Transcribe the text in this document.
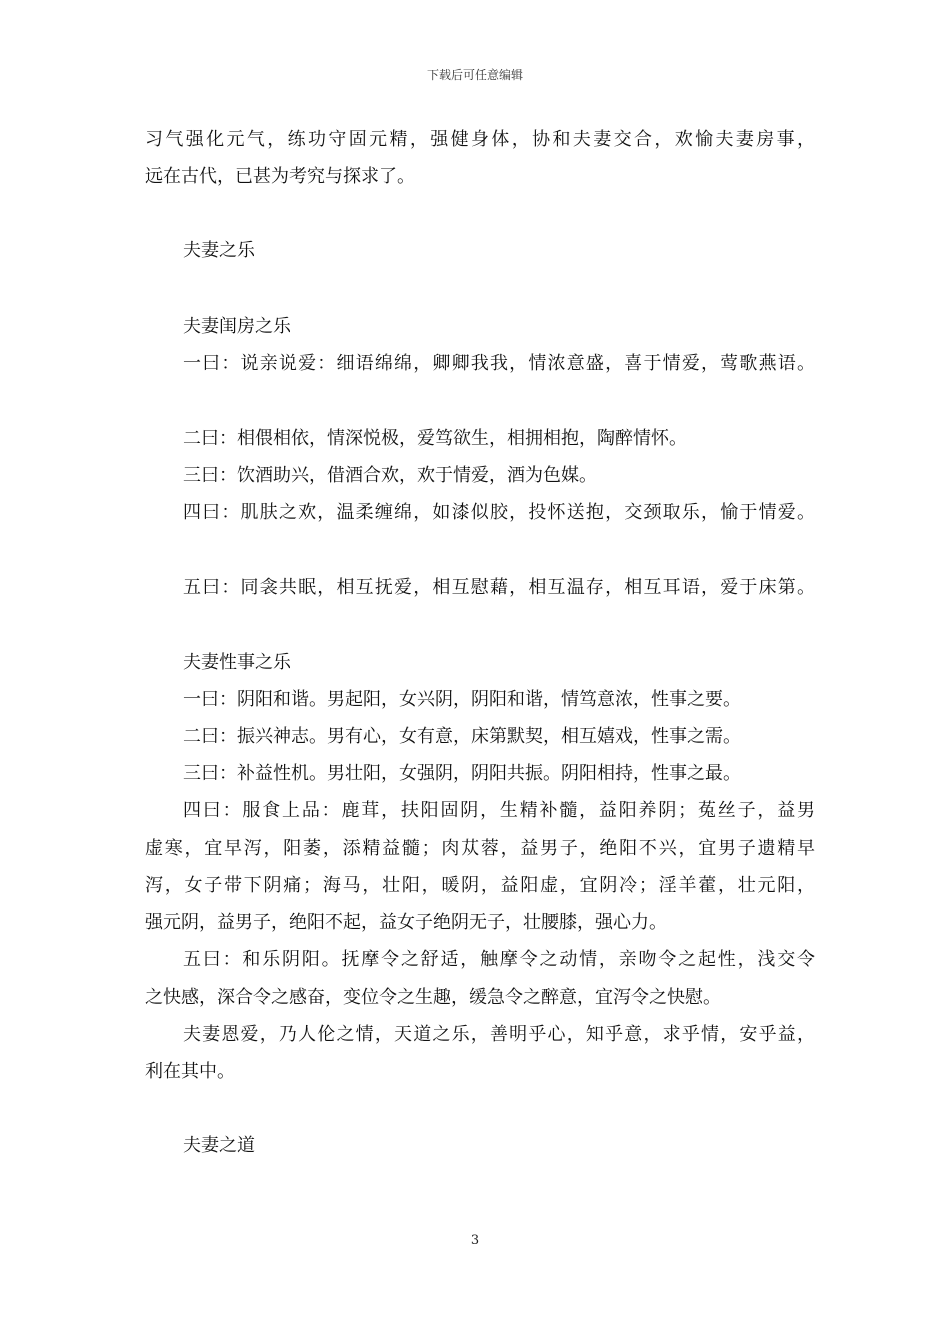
下载后可任意编辑
习气强化元气，练功守固元精，强健身体，协和夫妻交合，欢愉夫妻房事，
远在古代，已甚为考究与探求了。
夫妻之乐
夫妻闺房之乐
一曰：说亲说爱：细语绵绵，卿卿我我，情浓意盛，喜于情爱，莺歌燕语。
二曰：相偎相依，情深悦极，爱笃欲生，相拥相抱，陶醉情怀。
三曰：饮酒助兴，借酒合欢，欢于情爱，酒为色媒。
四曰：肌肤之欢，温柔缠绵，如漆似胶，投怀送抱，交颈取乐，愉于情爱。
五曰：同衾共眠，相互抚爱，相互慰藉，相互温存，相互耳语，爱于床第。
夫妻性事之乐
一曰：阴阳和谐。男起阳，女兴阴，阴阳和谐，情笃意浓，性事之要。
二曰：振兴神志。男有心，女有意，床第默契，相互嬉戏，性事之需。
三曰：补益性机。男壮阳，女强阴，阴阳共振。阴阳相持，性事之最。
四曰：服食上品：鹿茸，扶阳固阴，生精补髓，益阳养阴；菟丝子，益男
虚寒，宜早泻，阳萎，添精益髓；肉苁蓉，益男子，绝阳不兴，宜男子遗精早
泻，女子带下阴痛；海马，壮阳，暖阴，益阳虚，宜阴冷；淫羊藿，壮元阳，
强元阴，益男子，绝阳不起，益女子绝阴无子，壮腰膝，强心力。
五曰：和乐阴阳。抚摩令之舒适，触摩令之动情，亲吻令之起性，浅交令
之快感，深合令之感奋，变位令之生趣，缓急令之醉意，宜泻令之快慰。
夫妻恩爱，乃人伦之情，天道之乐，善明乎心，知乎意，求乎情，安乎益，
利在其中。
夫妻之道
3
